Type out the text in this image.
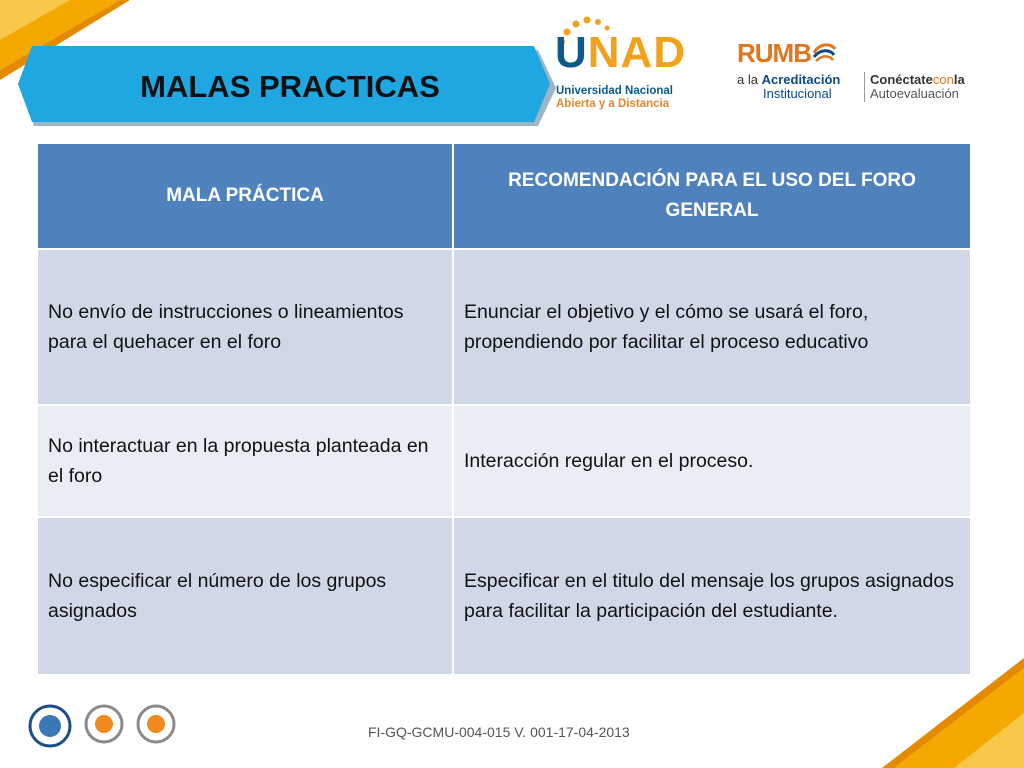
MALAS PRACTICAS
UNAD
Universidad Nacional
Abierta y a Distancia
RUMB
a la Acreditación
Institucional
Conéctateconla
Autoevaluación
MALA PRÁCTICA	RECOMENDACIÓN PARA EL USO DEL FORO GENERAL
No envío de instrucciones o lineamientos para el quehacer en el foro	Enunciar el objetivo y el cómo se usará el foro, propendiendo por facilitar el proceso educativo
No interactuar en la propuesta planteada en el foro	Interacción regular en el proceso.
No especificar el número de los grupos asignados	Especificar en el titulo del mensaje los grupos asignados para facilitar la participación del estudiante.
FI-GQ-GCMU-004-015 V. 001-17-04-2013
